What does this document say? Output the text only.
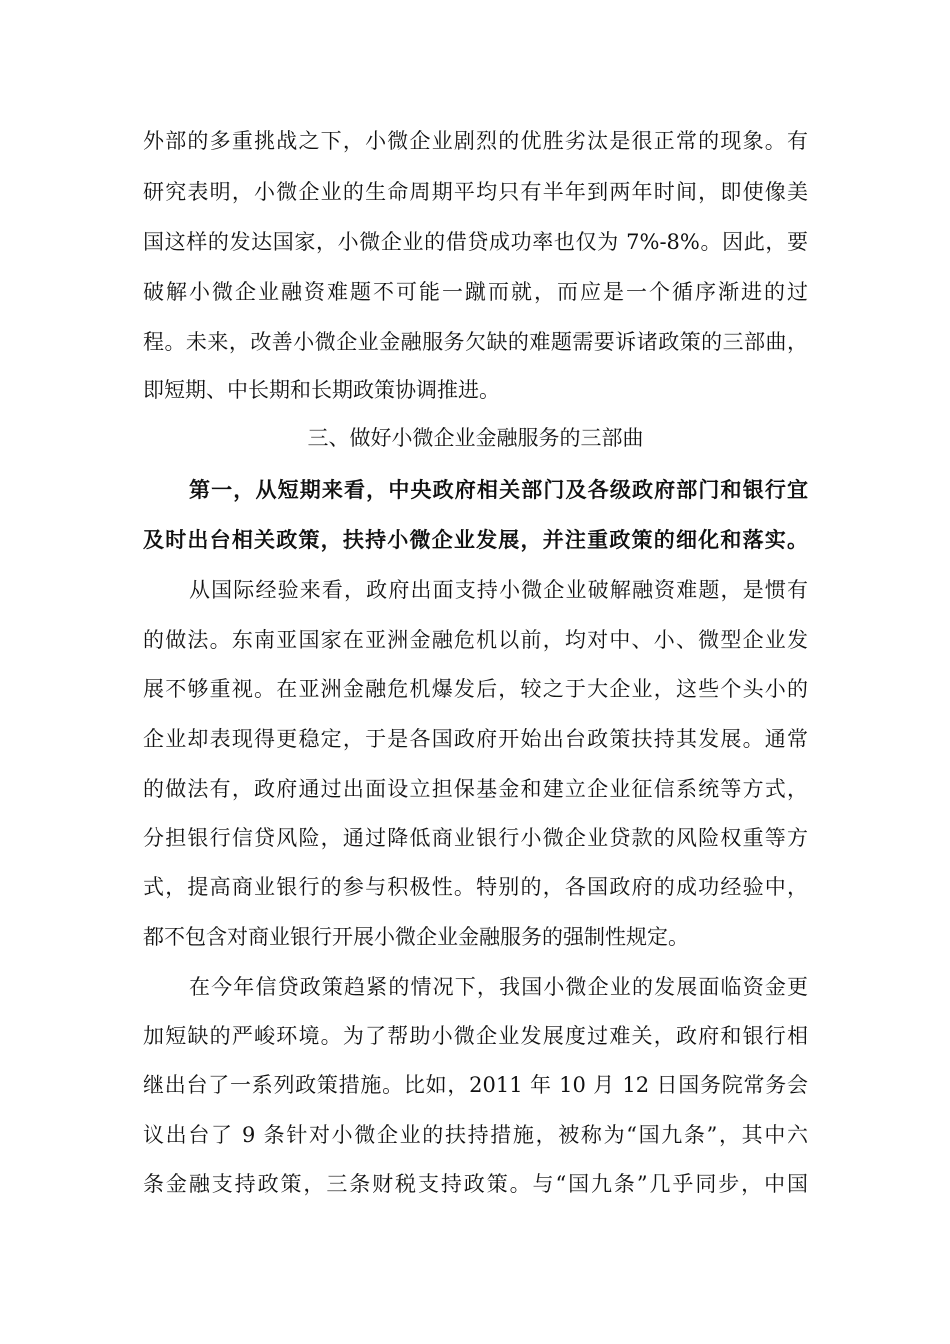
外部的多重挑战之下，小微企业剧烈的优胜劣汰是很正常的现象。有
研究表明，小微企业的生命周期平均只有半年到两年时间，即使像美
国这样的发达国家，小微企业的借贷成功率也仅为 7%-8%。因此，要
破解小微企业融资难题不可能一蹴而就，而应是一个循序渐进的过
程。未来，改善小微企业金融服务欠缺的难题需要诉诸政策的三部曲，
即短期、中长期和长期政策协调推进。
三、做好小微企业金融服务的三部曲
第一，从短期来看，中央政府相关部门及各级政府部门和银行宜
及时出台相关政策，扶持小微企业发展，并注重政策的细化和落实。
从国际经验来看，政府出面支持小微企业破解融资难题，是惯有
的做法。东南亚国家在亚洲金融危机以前，均对中、小、微型企业发
展不够重视。在亚洲金融危机爆发后，较之于大企业，这些个头小的
企业却表现得更稳定，于是各国政府开始出台政策扶持其发展。通常
的做法有，政府通过出面设立担保基金和建立企业征信系统等方式，
分担银行信贷风险，通过降低商业银行小微企业贷款的风险权重等方
式，提高商业银行的参与积极性。特别的，各国政府的成功经验中，
都不包含对商业银行开展小微企业金融服务的强制性规定。
在今年信贷政策趋紧的情况下，我国小微企业的发展面临资金更
加短缺的严峻环境。为了帮助小微企业发展度过难关，政府和银行相
继出台了一系列政策措施。比如，2011 年 10 月 12 日国务院常务会
议出台了 9 条针对小微企业的扶持措施，被称为“国九条”，其中六
条金融支持政策，三条财税支持政策。与“国九条”几乎同步，中国
